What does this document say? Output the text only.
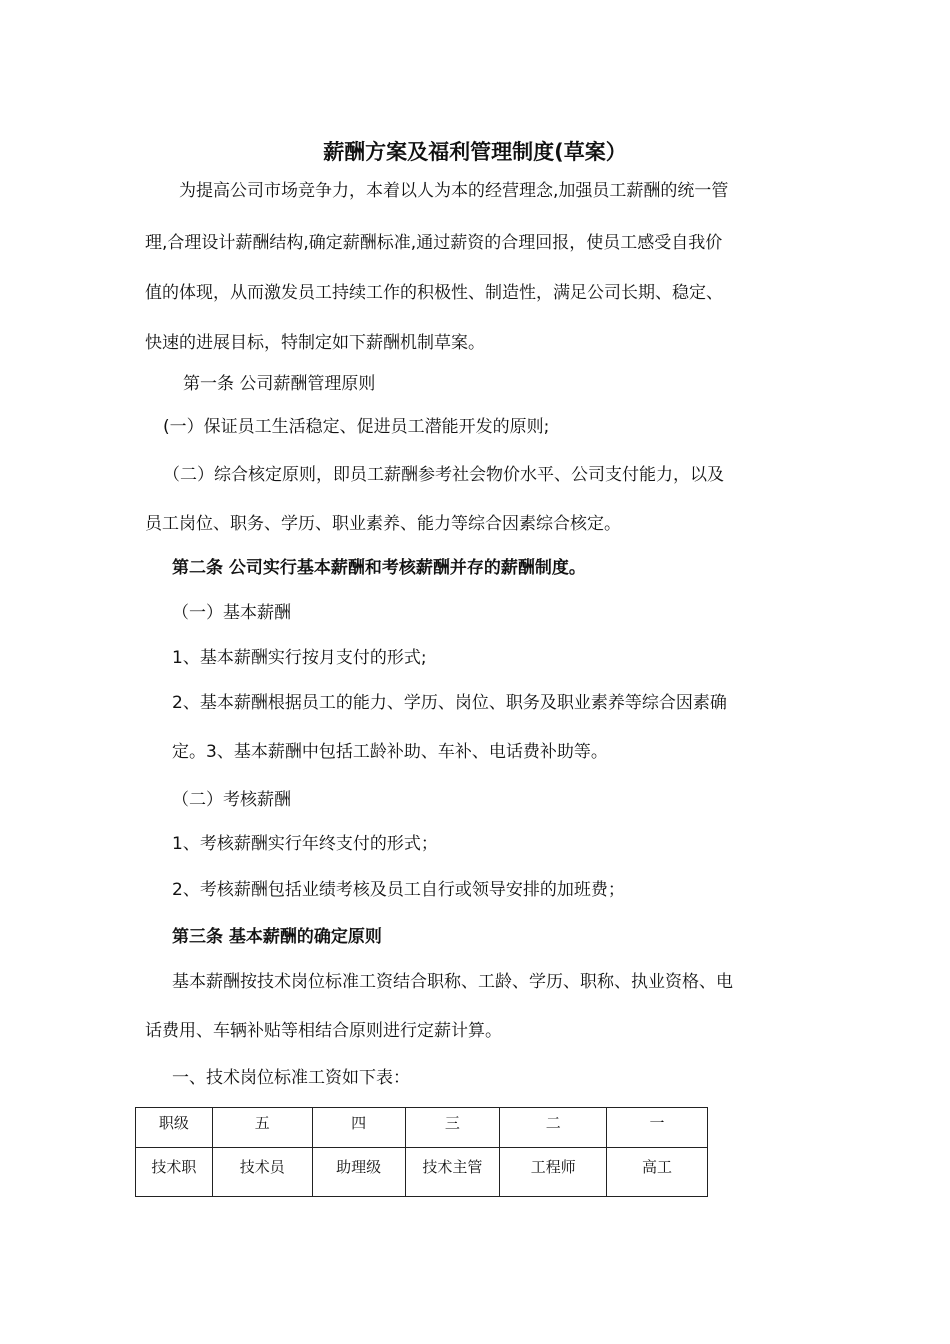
薪酬方案及福利管理制度(草案）
为提高公司市场竞争力，本着以人为本的经营理念,加强员工薪酬的统一管
理,合理设计薪酬结构,确定薪酬标准,通过薪资的合理回报，使员工感受自我价
值的体现，从而激发员工持续工作的积极性、制造性，满足公司长期、稳定、
快速的进展目标，特制定如下薪酬机制草案。
第一条 公司薪酬管理原则
(一）保证员工生活稳定、促进员工潜能开发的原则;
（二）综合核定原则，即员工薪酬参考社会物价水平、公司支付能力，以及
员工岗位、职务、学历、职业素养、能力等综合因素综合核定。
第二条 公司实行基本薪酬和考核薪酬并存的薪酬制度。
（一）基本薪酬
1、基本薪酬实行按月支付的形式;
2、基本薪酬根据员工的能力、学历、岗位、职务及职业素养等综合因素确
定。3、基本薪酬中包括工龄补助、车补、电话费补助等。
（二）考核薪酬
1、考核薪酬实行年终支付的形式；
2、考核薪酬包括业绩考核及员工自行或领导安排的加班费；
第三条 基本薪酬的确定原则
基本薪酬按技术岗位标准工资结合职称、工龄、学历、职称、执业资格、电
话费用、车辆补贴等相结合原则进行定薪计算。
一、技术岗位标准工资如下表：
职级	五	四	三	二	一
技术职	技术员	助理级	技术主管	工程师	高工
